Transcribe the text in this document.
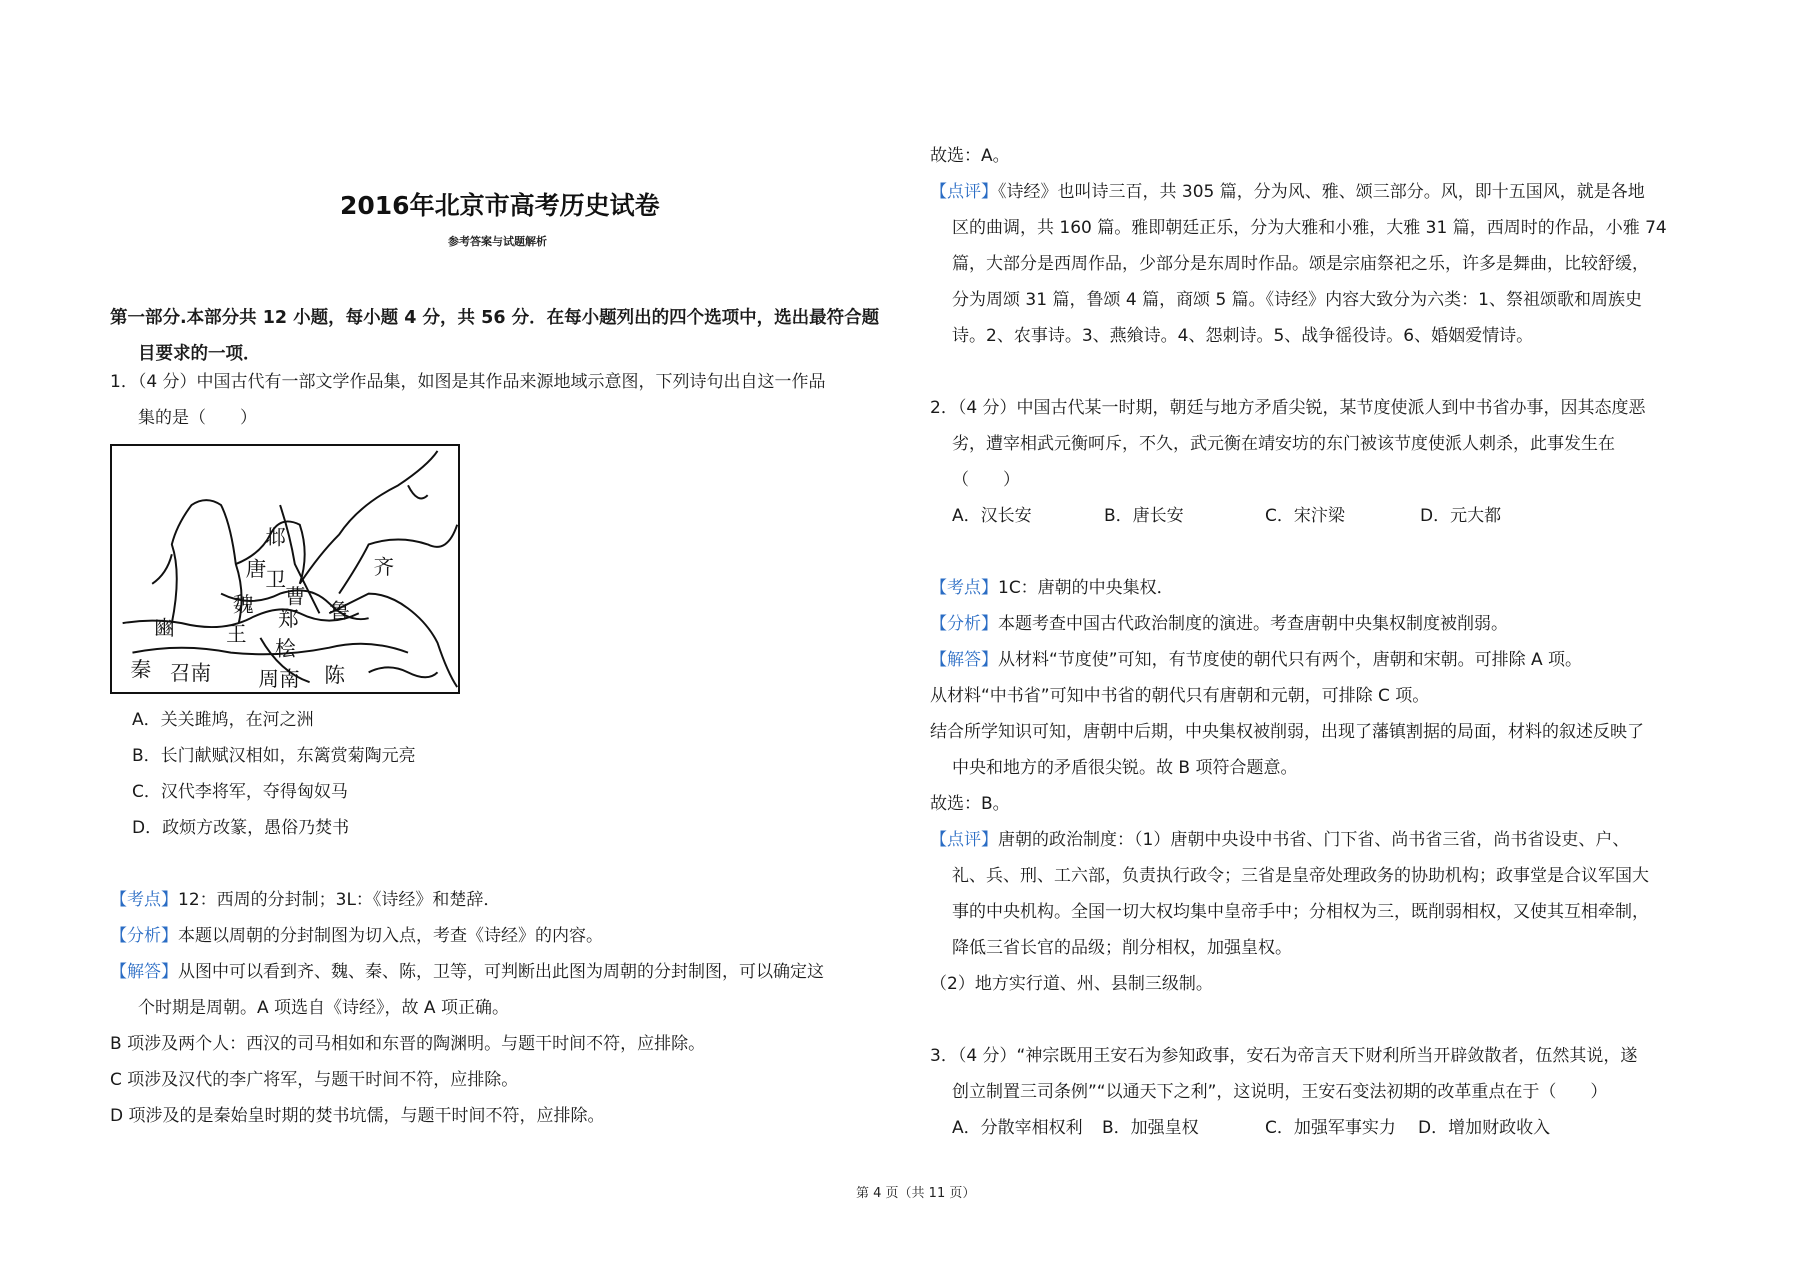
2016年北京市高考历史试卷
参考答案与试题解析
第一部分.本部分共 12 小题，每小题 4 分，共 56 分．在每小题列出的四个选项中，选出最符合题
目要求的一项．
1．（4 分）中国古代有一部文学作品集，如图是其作品来源地域示意图，下列诗句出自这一作品
集的是（　　）
邶
唐 卫
齐
魏 曹
郑 鲁
王
桧
陈
豳
秦 召南 周南
A．关关雎鸠，在河之洲
B．长门献赋汉相如，东篱赏菊陶元亮
C．汉代李将军，夺得匈奴马
D．政烦方改篆，愚俗乃焚书
【考点】12：西周的分封制；3L：《诗经》和楚辞．
【分析】本题以周朝的分封制图为切入点，考查《诗经》的内容。
【解答】从图中可以看到齐、魏、秦、陈，卫等，可判断出此图为周朝的分封制图，可以确定这
个时期是周朝。A 项选自《诗经》，故 A 项正确。
B 项涉及两个人：西汉的司马相如和东晋的陶渊明。与题干时间不符，应排除。
C 项涉及汉代的李广将军，与题干时间不符，应排除。
D 项涉及的是秦始皇时期的焚书坑儒，与题干时间不符，应排除。
故选：A。
【点评】《诗经》也叫诗三百，共 305 篇，分为风、雅、颂三部分。风，即十五国风，就是各地
区的曲调，共 160 篇。雅即朝廷正乐，分为大雅和小雅，大雅 31 篇，西周时的作品，小雅 74
篇，大部分是西周作品，少部分是东周时作品。颂是宗庙祭祀之乐，许多是舞曲，比较舒缓，
分为周颂 31 篇，鲁颂 4 篇，商颂 5 篇。《诗经》内容大致分为六类：1、祭祖颂歌和周族史
诗。2、农事诗。3、燕飨诗。4、怨刺诗。5、战争徭役诗。6、婚姻爱情诗。
2．（4 分）中国古代某一时期，朝廷与地方矛盾尖锐，某节度使派人到中书省办事，因其态度恶
劣，遭宰相武元衡呵斥，不久，武元衡在靖安坊的东门被该节度使派人刺杀，此事发生在
（　　）
A．汉长安	B．唐长安	C．宋汴梁	D．元大都
【考点】1C：唐朝的中央集权．
【分析】本题考查中国古代政治制度的演进。考查唐朝中央集权制度被削弱。
【解答】从材料“节度使”可知，有节度使的朝代只有两个，唐朝和宋朝。可排除 A 项。
从材料“中书省”可知中书省的朝代只有唐朝和元朝，可排除 C 项。
结合所学知识可知，唐朝中后期，中央集权被削弱，出现了藩镇割据的局面，材料的叙述反映了
中央和地方的矛盾很尖锐。故 B 项符合题意。
故选：B。
【点评】唐朝的政治制度：（1）唐朝中央设中书省、门下省、尚书省三省，尚书省设吏、户、
礼、兵、刑、工六部，负责执行政令；三省是皇帝处理政务的协助机构；政事堂是合议军国大
事的中央机构。全国一切大权均集中皇帝手中；分相权为三，既削弱相权，又使其互相牵制，
降低三省长官的品级；削分相权，加强皇权。
（2）地方实行道、州、县制三级制。
3．（4 分）“神宗既用王安石为参知政事，安石为帝言天下财利所当开辟敛散者，伍然其说，遂
创立制置三司条例”“以通天下之利”，这说明，王安石变法初期的改革重点在于（　　）
A．分散宰相权利 B．加强皇权	C．加强军事实力 D．增加财政收入
第 4 页（共 11 页）
